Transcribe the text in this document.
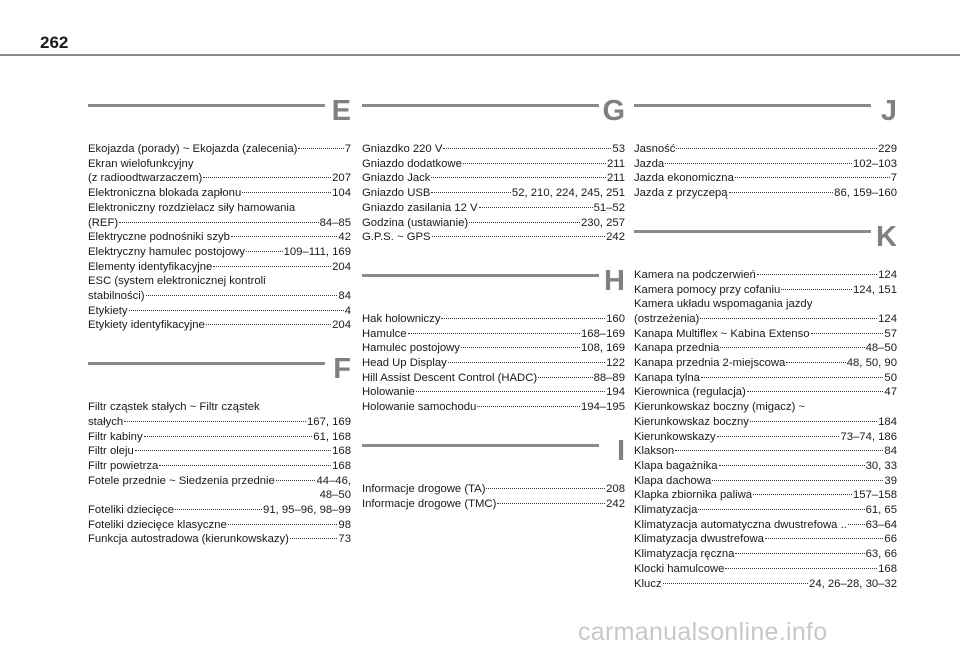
262
E
Ekojazda (porady) ~ Ekojazda (zalecenia)	7
Ekran wielofunkcyjny
(z radioodtwarzaczem)	207
Elektroniczna blokada zapłonu	104
Elektroniczny rozdzielacz siły hamowania
(REF)	84–85
Elektryczne podnośniki szyb	42
Elektryczny hamulec postojowy	109–111, 169
Elementy identyfikacyjne	204
ESC (system elektronicznej kontroli
stabilności)	84
Etykiety	4
Etykiety identyfikacyjne	204
F
Filtr cząstek stałych ~ Filtr cząstek
stałych	167, 169
Filtr kabiny	61, 168
Filtr oleju	168
Filtr powietrza	168
Fotele przednie ~ Siedzenia przednie	44–46,
48–50
Foteliki dziecięce	91, 95–96, 98–99
Foteliki dziecięce klasyczne	98
Funkcja autostradowa (kierunkowskazy)	73
G
Gniazdko 220 V	53
Gniazdo dodatkowe	211
Gniazdo Jack	211
Gniazdo USB	52, 210, 224, 245, 251
Gniazdo zasilania 12 V	51–52
Godzina (ustawianie)	230, 257
G.P.S. ~ GPS	242
H
Hak holowniczy	160
Hamulce	168–169
Hamulec postojowy	108, 169
Head Up Display	122
Hill Assist Descent Control (HADC)	88–89
Holowanie	194
Holowanie samochodu	194–195
I
Informacje drogowe (TA)	208
Informacje drogowe (TMC)	242
J
Jasność	229
Jazda	102–103
Jazda ekonomiczna	7
Jazda z przyczepą	86, 159–160
K
Kamera na podczerwień	124
Kamera pomocy przy cofaniu	124, 151
Kamera układu wspomagania jazdy
(ostrzeżenia)	124
Kanapa Multiflex ~ Kabina Extenso	57
Kanapa przednia	48–50
Kanapa przednia 2-miejscowa	48, 50, 90
Kanapa tylna	50
Kierownica (regulacja)	47
Kierunkowskaz boczny (migacz) ~
Kierunkowskaz boczny	184
Kierunkowskazy	73–74, 186
Klakson	84
Klapa bagażnika	30, 33
Klapa dachowa	39
Klapka zbiornika paliwa	157–158
Klimatyzacja	61, 65
Klimatyzacja automatyczna dwustrefowa .. 63–64
Klimatyzacja dwustrefowa	66
Klimatyzacja ręczna	63, 66
Klocki hamulcowe	168
Klucz	24, 26–28, 30–32
carmanualsonline.info
